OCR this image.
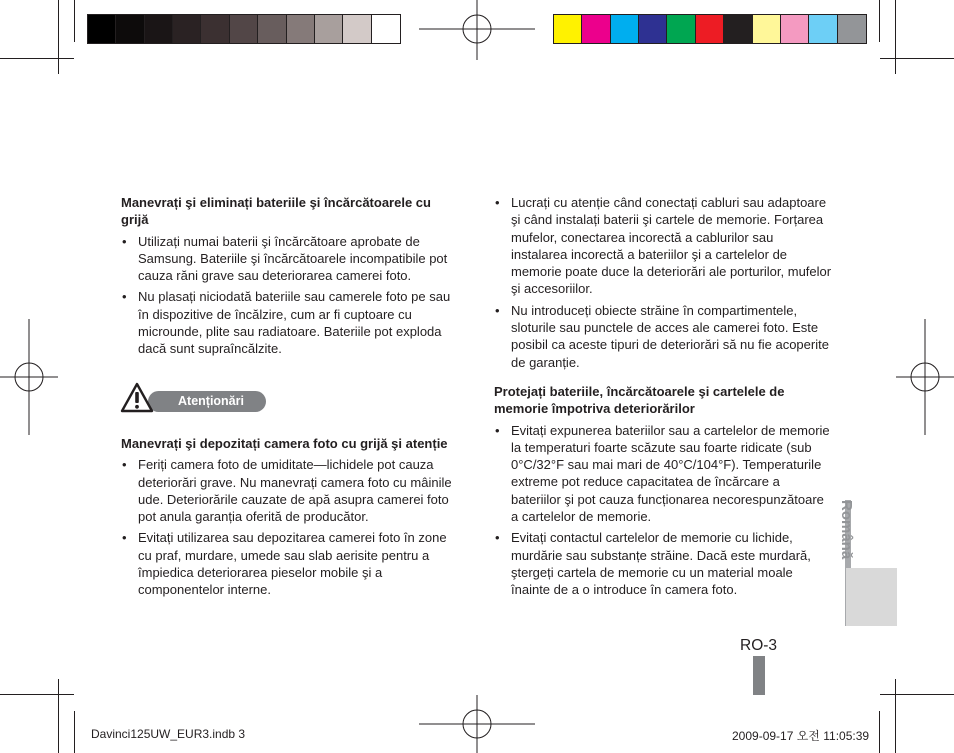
Manevrați şi eliminați bateriile şi încărcătoarele cu grijă

• Utilizați numai baterii şi încărcătoare aprobate de Samsung. Bateriile şi încărcătoarele incompatibile pot cauza răni grave sau deteriorarea camerei foto.
• Nu plasați niciodată bateriile sau camerele foto pe sau în dispozitive de încălzire, cum ar fi cuptoare cu microunde, plite sau radiatoare. Bateriile pot exploda dacă sunt supraîncălzite.
Atenționări

Manevrați şi depozitați camera foto cu grijă şi atenție

• Feriți camera foto de umiditate—lichidele pot cauza deteriorări grave. Nu manevrați camera foto cu mâinile ude. Deteriorările cauzate de apă asupra camerei foto pot anula garanția oferită de producător.
• Evitați utilizarea sau depozitarea camerei foto în zone cu praf, murdare, umede sau slab aerisite pentru a împiedica deteriorarea pieselor mobile şi a componentelor interne.
• Lucrați cu atenție când conectați cabluri sau adaptoare şi când instalați baterii şi cartele de memorie. Forțarea mufelor, conectarea incorectă a cablurilor sau instalarea incorectă a bateriilor şi a cartelelor de memorie poate duce la deteriorări ale porturilor, mufelor şi accesoriilor.
• Nu introduceți obiecte străine în compartimentele, sloturile sau punctele de acces ale camerei foto. Este posibil ca aceste tipuri de deteriorări să nu fie acoperite de garanție.

Protejați bateriile, încărcătoarele şi cartelele de memorie împotriva deteriorărilor

• Evitați expunerea bateriilor sau a cartelelor de memorie la temperaturi foarte scăzute sau foarte ridicate (sub 0°C/32°F sau mai mari de 40°C/104°F). Temperaturile extreme pot reduce capacitatea de încărcare a bateriilor şi pot cauza funcționarea necorespunzătoare a cartelelor de memorie.
• Evitați contactul cartelelor de memorie cu lichide, murdărie sau substanțe străine. Dacă este murdară, ştergeți cartela de memorie cu un material moale înainte de a o introduce în camera foto.
Română
RO-3
Davinci125UW_EUR3.indb 3	2009-09-17 오전 11:05:39
